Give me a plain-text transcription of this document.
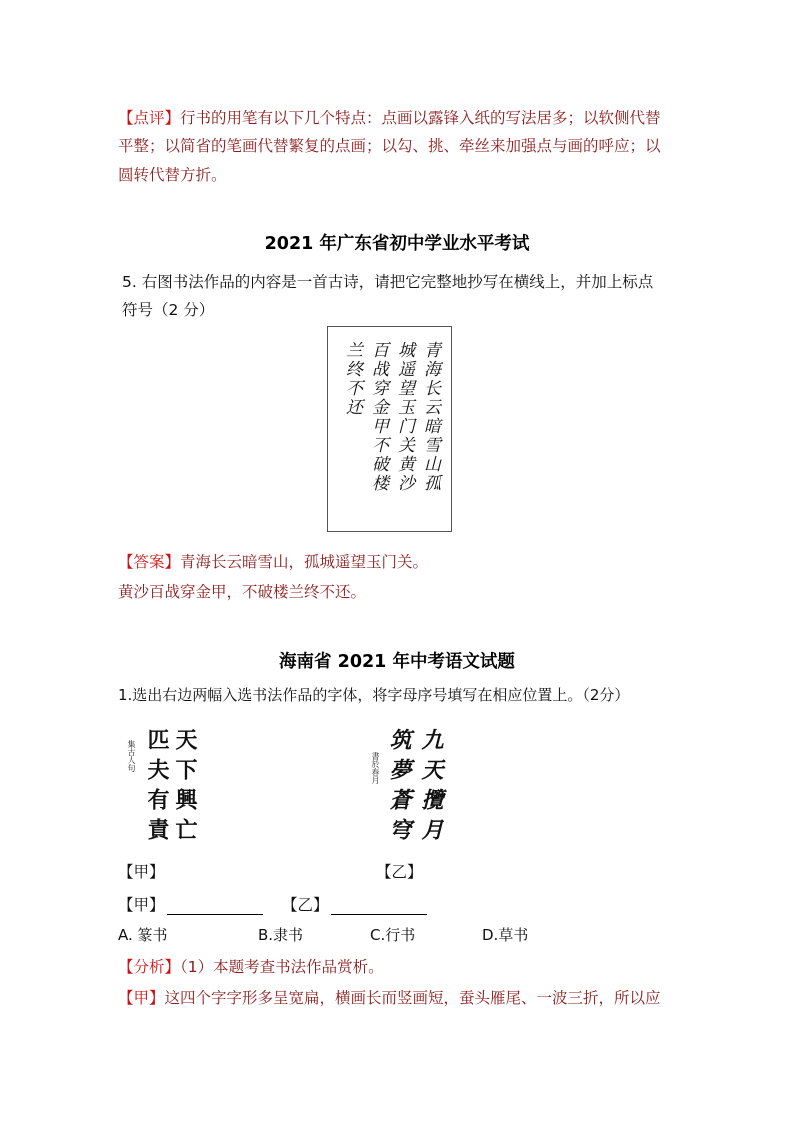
【点评】行书的用笔有以下几个特点：点画以露锋入纸的写法居多；以软侧代替
平整；以简省的笔画代替繁复的点画；以勾、挑、牵丝来加强点与画的呼应；以
圆转代替方折。
2021 年广东省初中学业水平考试
5. 右图书法作品的内容是一首古诗，请把它完整地抄写在横线上，并加上标点
符号（2 分）
青海长云暗雪山孤
城遥望玉门关黄沙
百战穿金甲不破楼
兰终不还
【答案】青海长云暗雪山，孤城遥望玉门关。
黄沙百战穿金甲，不破楼兰终不还。
海南省 2021 年中考语文试题
1.选出右边两幅入选书法作品的字体，将字母序号填写在相应位置上。（2分）
天下興亡
匹夫有責
集古人句	九天攬月
筑夢蒼穹
書於春月
【甲】	【乙】
【甲】	【乙】
A. 篆书	B.隶书	C.行书	D.草书
【分析】（1）本题考查书法作品赏析。
【甲】这四个字字形多呈宽扁，横画长而竖画短，蚕头雁尾、一波三折，所以应
